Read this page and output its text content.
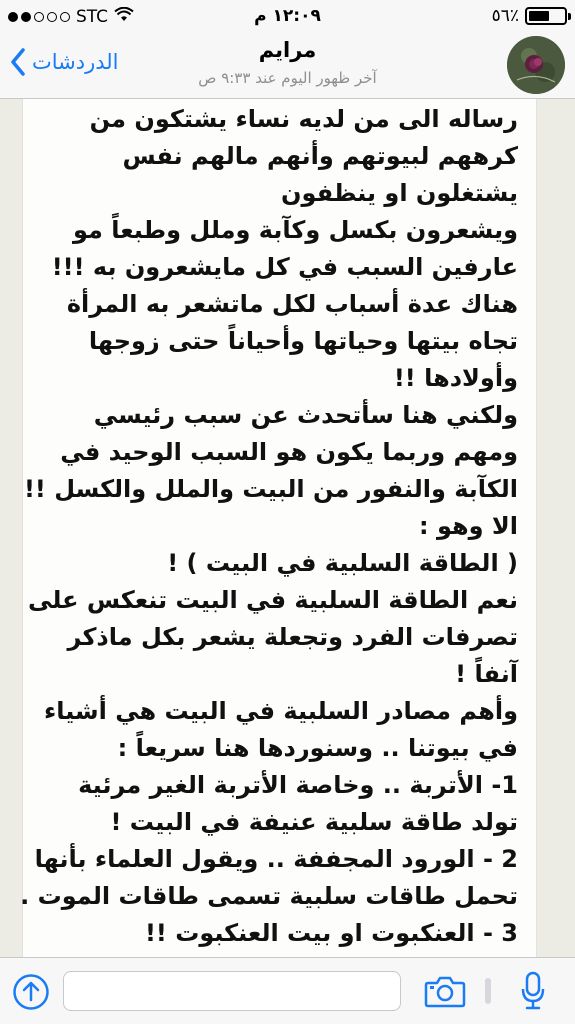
STC	١٢:٠٩ م	٥٦٪
الدردشات	مرايم
آخر ظهور اليوم عند ٩:٣٣ ص
رساله الى من لديه نساء يشتكون من
كرههم لبيوتهم وأنهم مالهم نفس
يشتغلون او ينظفون
ويشعرون بكسل وكآبة وملل وطبعاً مو
عارفين السبب في كل مايشعرون به !!!
هناك عدة أسباب لكل ماتشعر به المرأة
تجاه بيتها وحياتها وأحياناً حتى زوجها
وأولادها !!
ولكني هنا سأتحدث عن سبب رئيسي
ومهم وربما يكون هو السبب الوحيد في
الكآبة والنفور من البيت والملل والكسل !!
الا وهو :
( الطاقة السلبية في البيت ) !
نعم الطاقة السلبية في البيت تنعكس على
تصرفات الفرد وتجعلة يشعر بكل ماذكر
آنفاً !
وأهم مصادر السلبية في البيت هي أشياء
في بيوتنا .. وسنوردها هنا سريعاً :
1- الأتربة .. وخاصة الأتربة الغير مرئية
تولد طاقة سلبية عنيفة في البيت !
2 - الورود المجففة .. ويقول العلماء بأنها
تحمل طاقات سلبية تسمى طاقات الموت .
3 - العنكبوت او بيت العنكبوت !!
